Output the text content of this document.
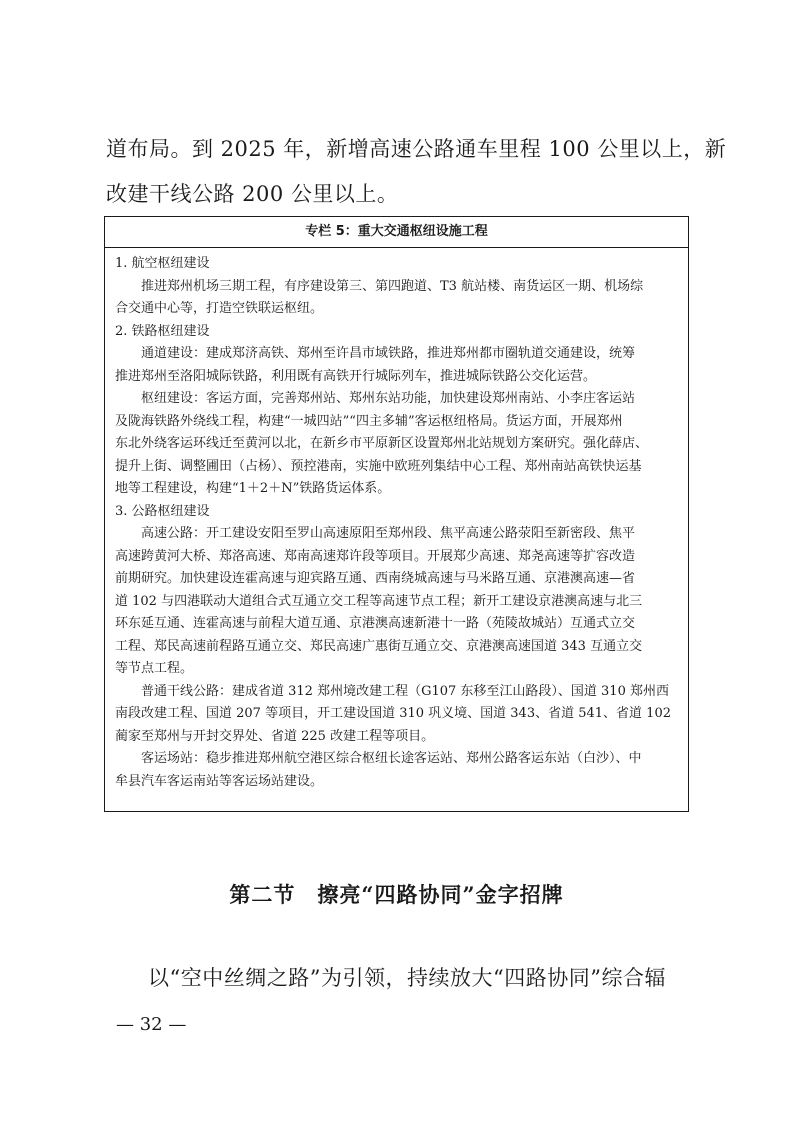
道布局。到 2025 年，新增高速公路通车里程 100 公里以上，新
改建干线公路 200 公里以上。
专栏 5：重大交通枢纽设施工程
1. 航空枢纽建设
推进郑州机场三期工程，有序建设第三、第四跑道、T3 航站楼、南货运区一期、机场综
合交通中心等，打造空铁联运枢纽。
2. 铁路枢纽建设
通道建设：建成郑济高铁、郑州至许昌市域铁路，推进郑州都市圈轨道交通建设，统筹
推进郑州至洛阳城际铁路，利用既有高铁开行城际列车，推进城际铁路公交化运营。
枢纽建设：客运方面，完善郑州站、郑州东站功能，加快建设郑州南站、小李庄客运站
及陇海铁路外绕线工程，构建“一城四站”“四主多辅”客运枢纽格局。货运方面，开展郑州
东北外绕客运环线迁至黄河以北，在新乡市平原新区设置郑州北站规划方案研究。强化薛店、
提升上街、调整圃田（占杨）、预控港南，实施中欧班列集结中心工程、郑州南站高铁快运基
地等工程建设，构建“1＋2＋N”铁路货运体系。
3. 公路枢纽建设
高速公路：开工建设安阳至罗山高速原阳至郑州段、焦平高速公路荥阳至新密段、焦平
高速跨黄河大桥、郑洛高速、郑南高速郑许段等项目。开展郑少高速、郑尧高速等扩容改造
前期研究。加快建设连霍高速与迎宾路互通、西南绕城高速与马米路互通、京港澳高速—省
道 102 与四港联动大道组合式互通立交工程等高速节点工程；新开工建设京港澳高速与北三
环东延互通、连霍高速与前程大道互通、京港澳高速新港十一路（苑陵故城站）互通式立交
工程、郑民高速前程路互通立交、郑民高速广惠街互通立交、京港澳高速国道 343 互通立交
等节点工程。
普通干线公路：建成省道 312 郑州境改建工程（G107 东移至江山路段）、国道 310 郑州西
南段改建工程、国道 207 等项目，开工建设国道 310 巩义境、国道 343、省道 541、省道 102
蔺家至郑州与开封交界处、省道 225 改建工程等项目。
客运场站：稳步推进郑州航空港区综合枢纽长途客运站、郑州公路客运东站（白沙）、中
牟县汽车客运南站等客运场站建设。
第二节　擦亮“四路协同”金字招牌
以“空中丝绸之路”为引领，持续放大“四路协同”综合辐
— 32 —
